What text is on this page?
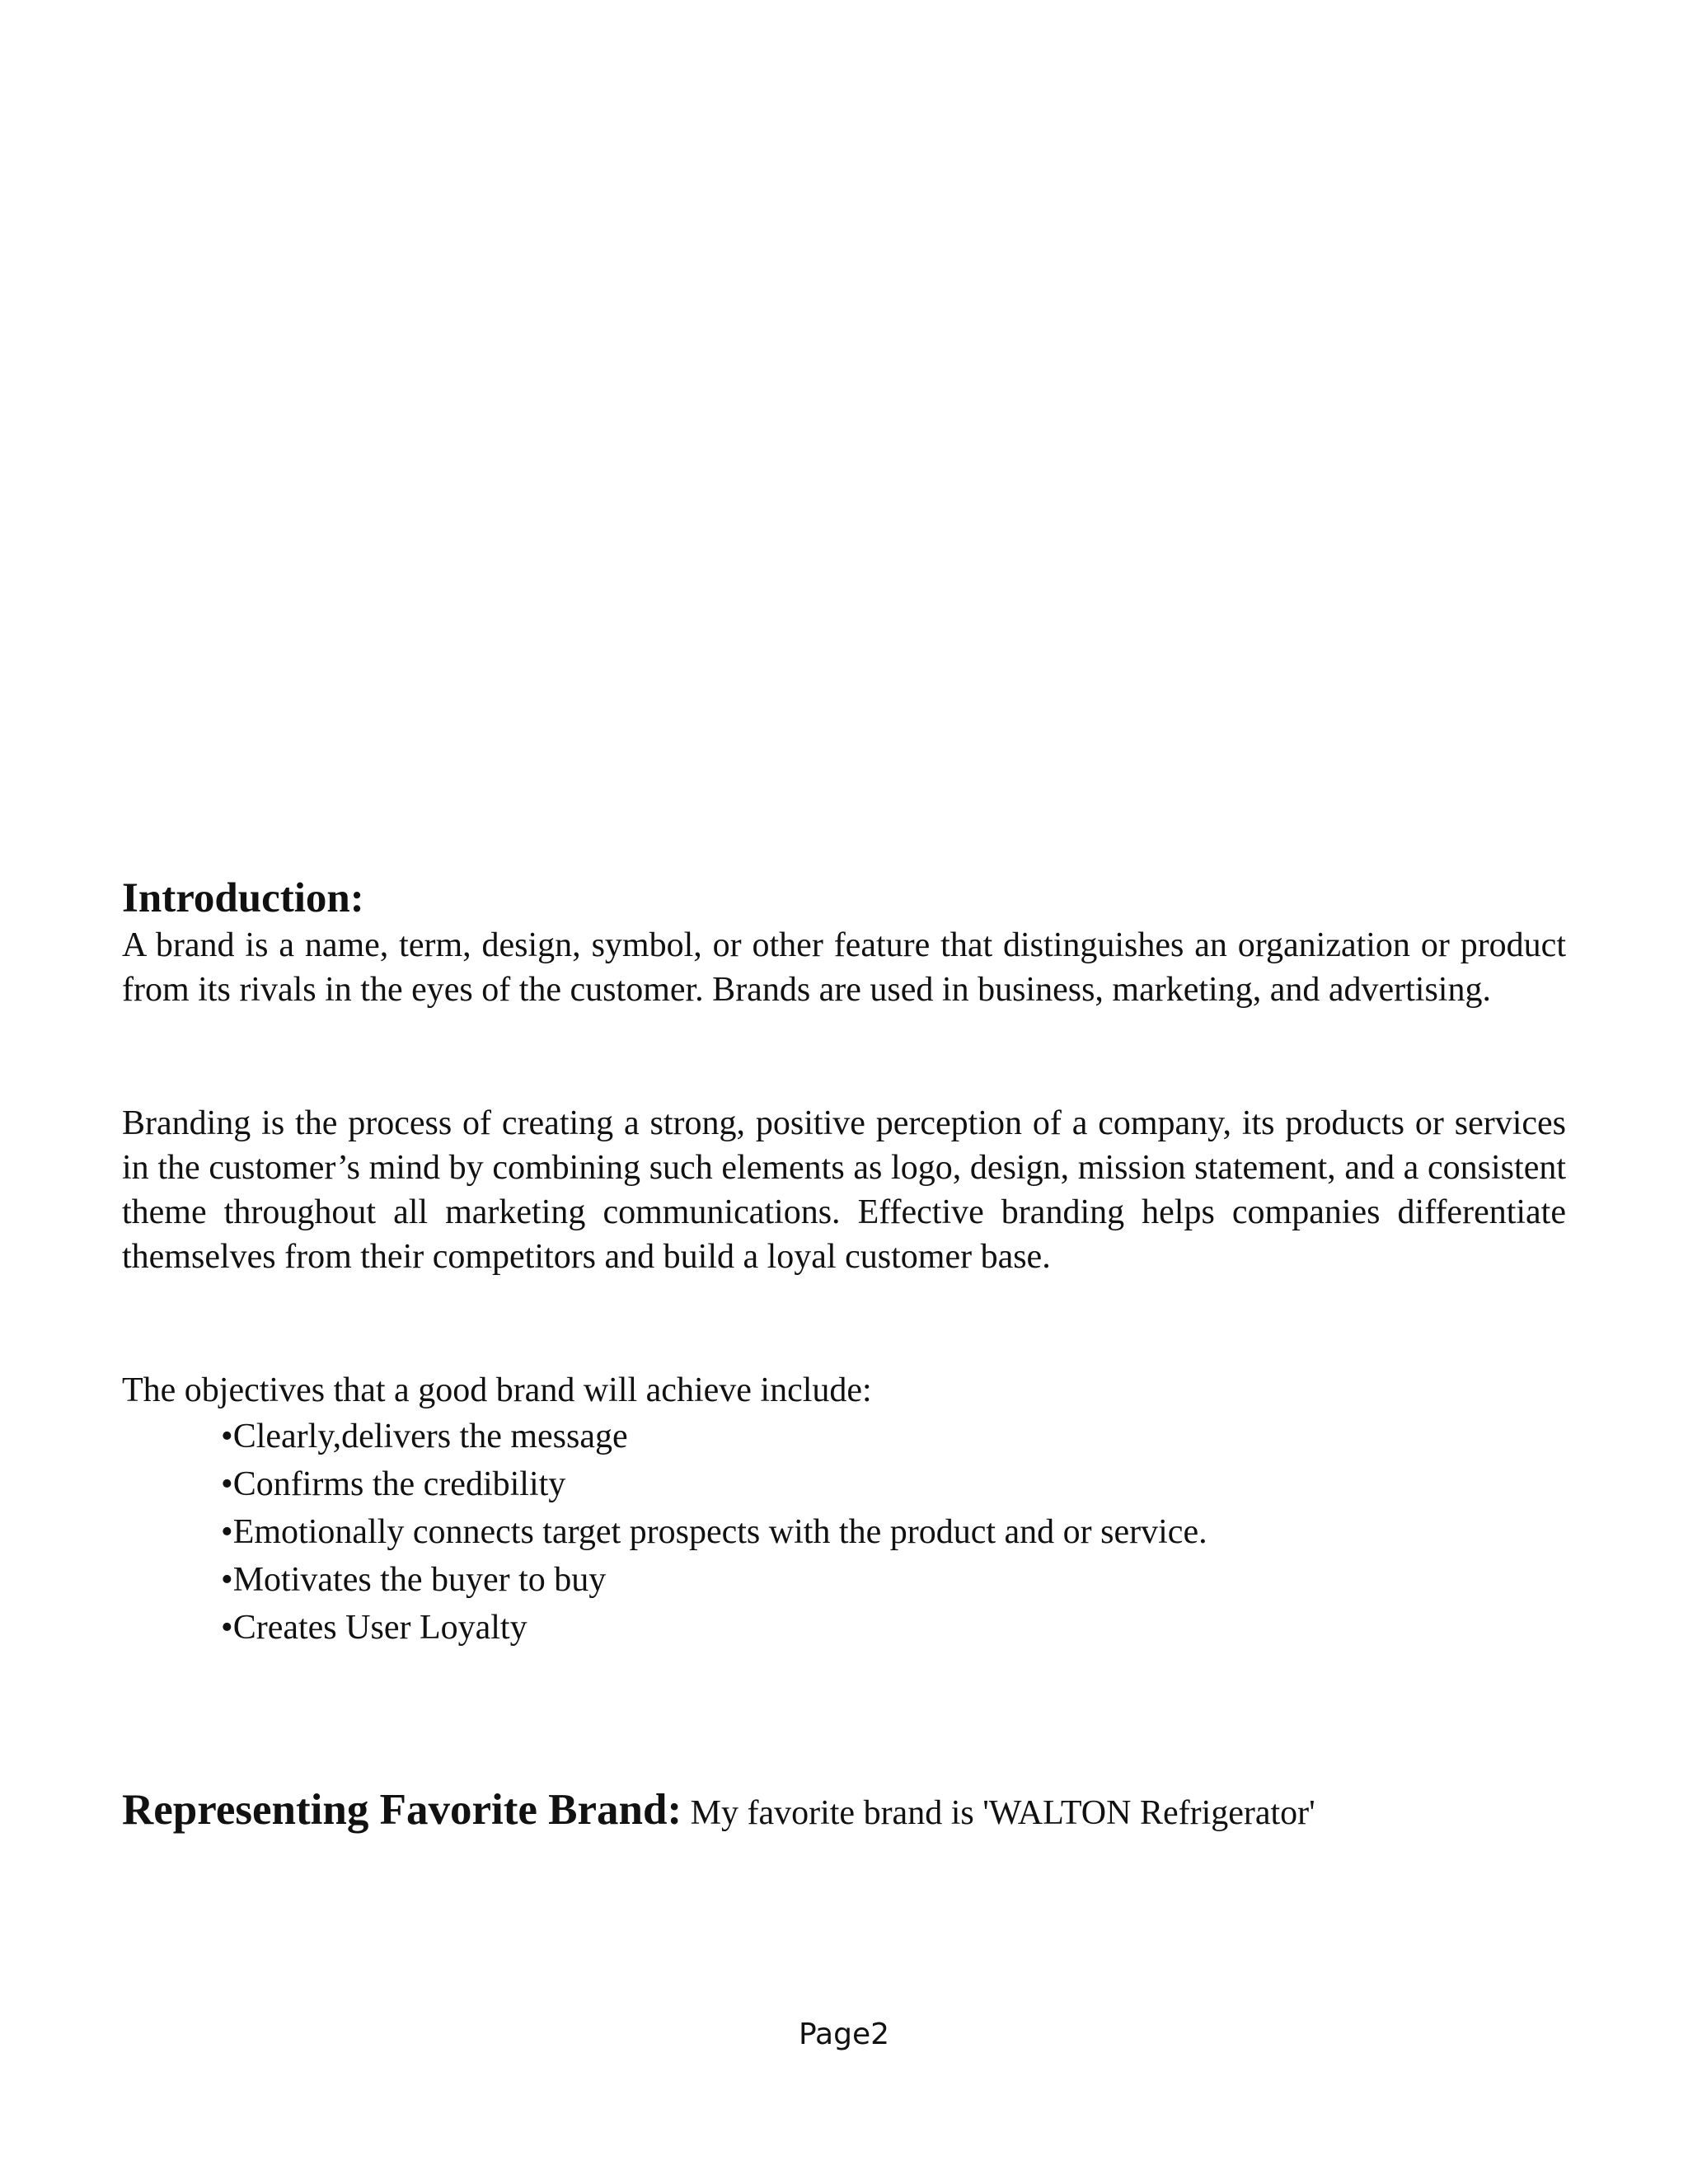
Introduction:

A brand is a name, term, design, symbol, or other feature that distinguishes an organization or product from its rivals in the eyes of the customer. Brands are used in business, marketing, and advertising.

Branding is the process of creating a strong, positive perception of a company, its products or services in the customer’s mind by combining such elements as logo, design, mission statement, and a consistent theme throughout all marketing communications. Effective branding helps companies differentiate themselves from their competitors and build a loyal customer base.

The objectives that a good brand will achieve include:

•Clearly,delivers the message
•Confirms the credibility
•Emotionally connects target prospects with the product and or service.
•Motivates the buyer to buy
•Creates User Loyalty

Representing Favorite Brand: My favorite brand is 'WALTON Refrigerator'

Page2
